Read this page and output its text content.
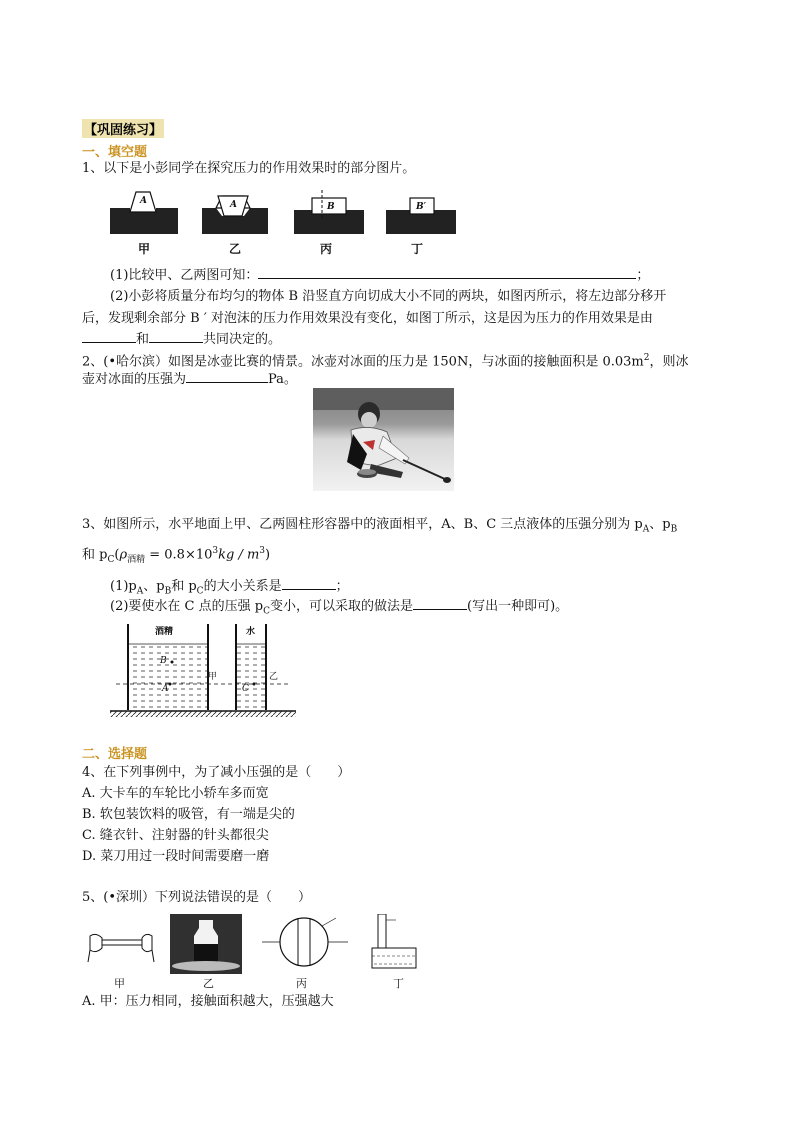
【巩固练习】
一、填空题
1、以下是小彭同学在探究压力的作用效果时的部分图片。
A	A	B	B′
甲	乙	丙	丁
(1)比较甲、乙两图可知：	；
(2)小彭将质量分布均匀的物体 B 沿竖直方向切成大小不同的两块，如图丙所示，将左边部分移开
后，发现剩余部分 B ′ 对泡沫的压力作用效果没有变化，如图丁所示，这是因为压力的作用效果是由
和	共同决定的。
2、(•哈尔滨）如图是冰壶比赛的情景。冰壶对冰面的压力是 150N，与冰面的接触面积是 $0.03m^2$，则冰
壶对冰面的压强为	Pa。
3、如图所示，水平地面上甲、乙两圆柱形容器中的液面相平，A、B、C 三点液体的压强分别为 $p_A$、$p_B$
和 $p_C(\rho_{酒精} = 0.8\times 10^3kg / m^3)$
$(1)p_A$、$p_B$和 $p_C$的大小关系是	；
(2)要使水在 C 点的压强 $p_C$变小，可以采取的做法是	(写出一种即可)。
酒精	水
甲	乙
B
A	C
二、选择题
4、在下列事例中，为了减小压强的是（　　）
A. 大卡车的车轮比小轿车多而宽
B. 软包装饮料的吸管，有一端是尖的
C. 缝衣针、注射器的针头都很尖
D. 菜刀用过一段时间需要磨一磨
5、(•深圳）下列说法错误的是（　　）
甲	乙	丙	丁
A. 甲：压力相同，接触面积越大，压强越大
